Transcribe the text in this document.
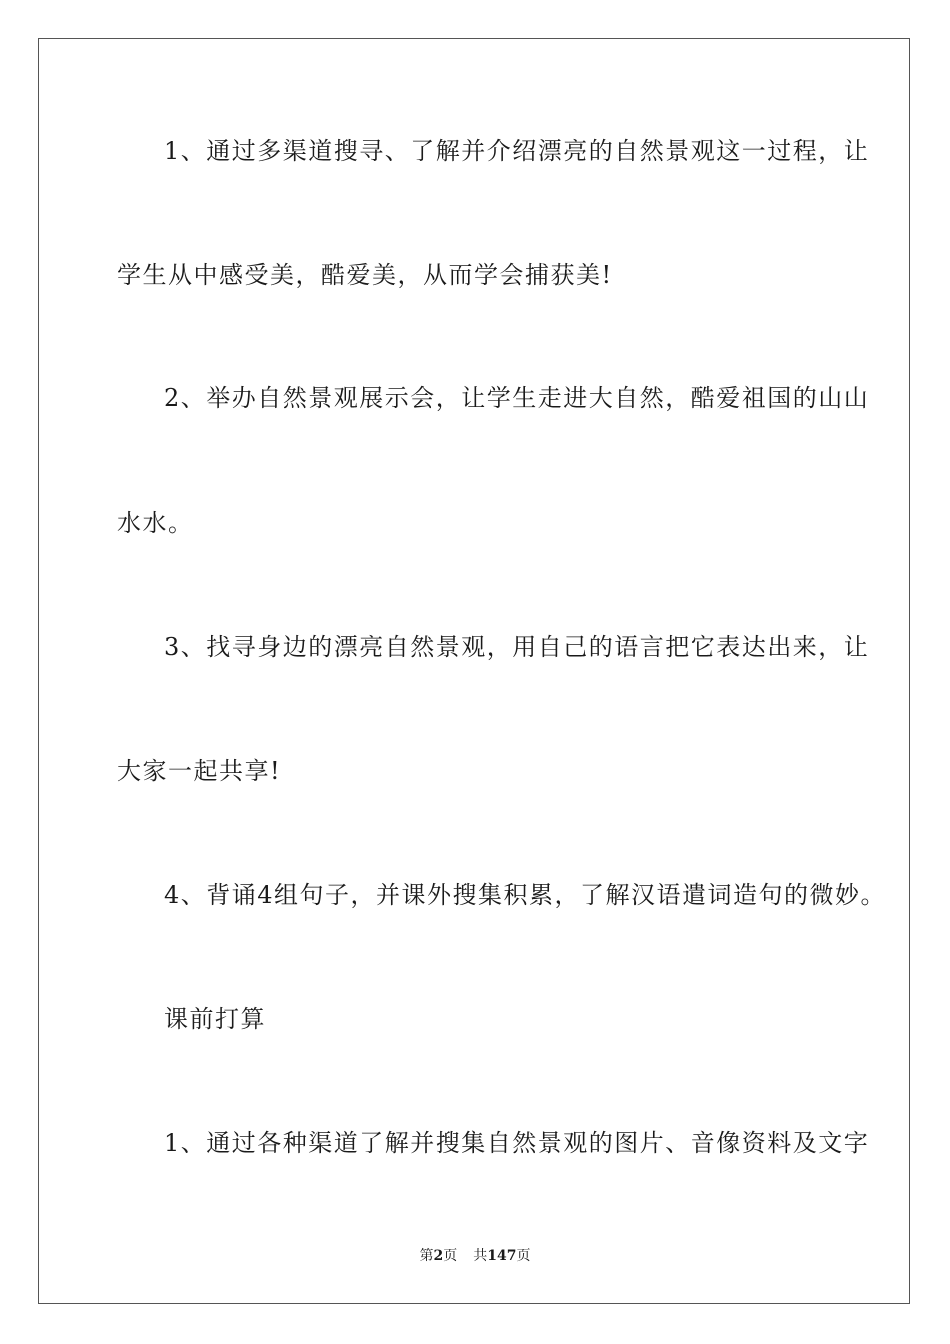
1、通过多渠道搜寻、了解并介绍漂亮的自然景观这一过程，让
学生从中感受美，酷爱美，从而学会捕获美!
2、举办自然景观展示会，让学生走进大自然，酷爱祖国的山山
水水。
3、找寻身边的漂亮自然景观，用自己的语言把它表达出来，让
大家一起共享!
4、背诵4组句子，并课外搜集积累，了解汉语遣词造句的微妙。
课前打算
1、通过各种渠道了解并搜集自然景观的图片、音像资料及文字
第2页 共147页
